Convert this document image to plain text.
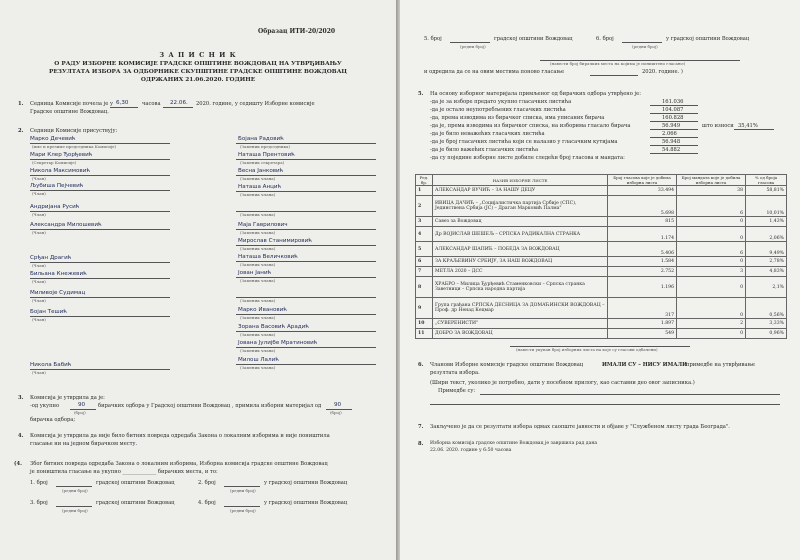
Образац ИТИ-20/2020
З А П И С Н И К
О РАДУ ИЗБОРНЕ КОМИСИЈЕ ГРАДСКЕ ОПШТИНЕ ВОЖДОВАЦ НА УТВРЂИВАЊУ
РЕЗУЛТАТА ИЗБОРА ЗА ОДБОРНИКЕ СКУПШТИНЕ ГРАДСКЕ ОПШТИНЕ ВОЖДОВАЦ
ОДРЖАНИХ 21.06.2020. ГОДИНЕ
1. Седница Комисије почела је у 6,30	часова 22.06. 2020. године, у седишту Изборне комисије
Градске општине Вождовац.
2. Седници Комисије присуствују:
Марко Дечевић
(име и презиме председника Комисије)
Мари Клер Ђорђевић
(Секретар Комисије)
Никола Максимовић
(Члан)
Љубиша Пејчевић
(Члан)
Андријана Русић
(Члан)
Александра Милошевић
(Члан)
Срђан Драгић
(Члан)
Бильана Кнежевић
(Члан)
Миливоје Судимац
(Члан)
Бојан Тешић
(Члан)
Никола Бабић
(Члан)
Бојана Радовић
(Заменик председника)
Наташа Прентовић
(Заменик секретара)
Весна Јанковић
(Заменик члана)
Наташа Анцић
(Заменик члана)
(Заменик члана)
Маја Гаврилович
(Заменик члана)
Мирослав Станимировић
(Заменик члана)
Наташа Величковић
(Заменик члана)
Јован Јанић
(Заменик члана)
(Заменик члана)
Марко Ивановић
(Заменик члана)
Зорана Васовић Арадић
(Заменик члана)
Јована Јулијбе Мратиновић
(Заменик члана)
Милош Лалић
(Заменик члана)
3. Комисија је утврдила да је:
-од укупно	90 бирачких одбора у Градској општини Вождовац , примила изборни материјал од 90
(број)	(број)
бирачка одбора;
4. Комисија је утврдила да није било битних повреда одредаба Закона о локалним изборима и није поништила
гласање ни на једном бирачком месту.
(4. Због битних повреда одредаба Закона о локалним изборима, Изборна комисија градске општине Вождовац
је поништила гласање на укупно _____________ бирачких места, и то:
1. број	градској општини Вождовац	2. број	у градској општини Вождовац
(редни број)	(редни број)
3. број	градској општини Вождовац	4. број	у градској општини Вождовац
(редни број)	(редни број)
5. број	градској општини Вождовац	6. број	у градској општини Вождовац
(редни број)	(редни број)
(навести број бирачких места на којима је поништено гласање)
и одредила да се на овим местима поново гласање	2020. године. )
5. На основу изборног материјала примљеног од бирачких одбора утврђено је:
-да је за изборе предато укупно гласачких листића	161.036
-да је остало неупотребљених гласачких листића	104.087
-да, према изводима из бирачког списка, има уписаних бирача	160.828
-да је, према изводима из бирачког списка, на изборима гласало бирача	56.949	што износи 35,41%
-да је било неважећих гласачких листића	2.066
-да је број гласачких листића који се налазио у гласачким кутијама	56.948
-да је било важећих гласачких листића	54.882
-да су поједине изборне листе добиле следећи број гласова и мандата:
Ред. бр.	НАЗИВ ИЗБОРНЕ ЛИСТЕ	Број гласова које је добила изборна листа	Број мандата које је добила изборна листа	% од броја гласова
1	АЛЕКСАНДАР ВУЧИЋ – ЗА НАШУ ДЕЦУ	33.494	38	58,81%
2	ИВИЦА ДАЧИЋ – „Социјалистичка партија Србије (СПС), Јединствена Србија (ЈС) – Драган Марковић Палма"	5.698	6	10,01%
3	Савез за Вождовац	815	0	1,43%
4	Др ВОЈИСЛАВ ШЕШЕЉ – СРПСКА РАДИКАЛНА СТРАНКА	1.174	0	2,06%
5	АЛЕКСАНДАР ШАПИЋ – ПОБЕДА ЗА ВОЖДОВАЦ	5.406	6	9,49%
6	ЗА КРАЉЕВИНУ СРБИЈУ, ЗА НАШ ВОЖДОВАЦ	1.584	0	2,78%
7	МЕТЛА 2020 – ДСС	2.752	3	4,83%
8	ХРАБРО – Милица Ђурђевић Стаменковски – Српска странка Заветници – Српска народна партија	1.196	0	2,1%
9	Група грађана СРПСКА ДЕСНИЦА ЗА ДОМАЋИНСКИ ВОЖДОВАЦ – Проф. др Ненад Кецмар	317	0	0,56%
10	„СУВЕРЕНИСТИ"	1.897	2	3,33%
11	ДОБРО ЗА ВОЖДОВАЦ	549	0	0,96%
(навести укупан број изборних листа на које су гласови одбачени)
6. Чланови Изборне комисије градске општине Вождовац	ИМАЛИ СУ – НИСУ ИМАЛИ
примедбе на утврђивање
резултата избора.
(Шири текст, уколико је потребно, дати у посебном прилогу, као саставни део овог записника.)
Примедбе су:
7. Закључено је да се резултати избора одмах саопште јавности и објаве у "Службеном листу града Београда".
8. Изборна комисија градске општине Вождовац је завршила рад дана
22.06. 2020. године у 6:50 часова
